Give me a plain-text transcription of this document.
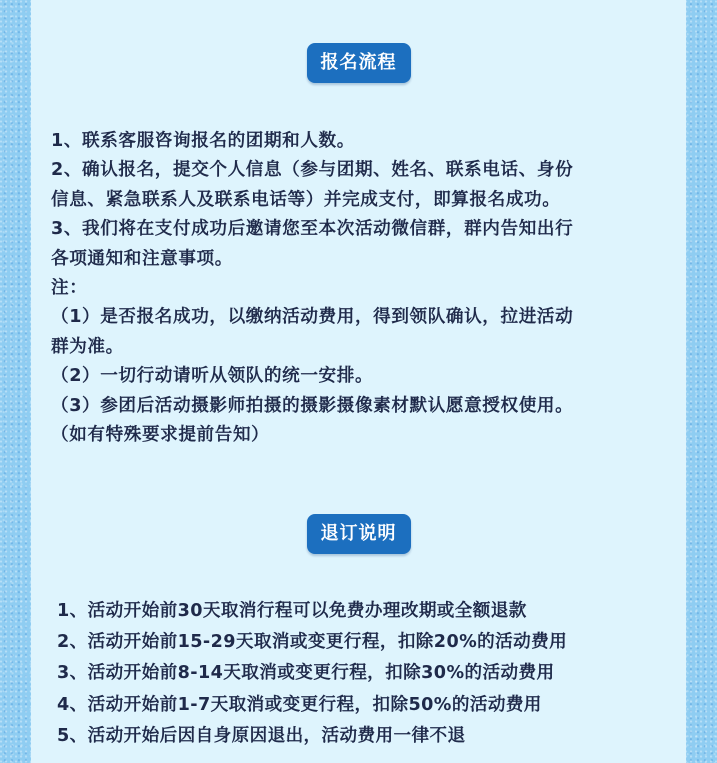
报名流程
1、联系客服咨询报名的团期和人数。
2、确认报名，提交个人信息（参与团期、姓名、联系电话、身份
信息、紧急联系人及联系电话等）并完成支付，即算报名成功。
3、我们将在支付成功后邀请您至本次活动微信群，群内告知出行
各项通知和注意事项。
注：
（1）是否报名成功，以缴纳活动费用，得到领队确认，拉进活动
群为准。
（2）一切行动请听从领队的统一安排。
（3）参团后活动摄影师拍摄的摄影摄像素材默认愿意授权使用。
（如有特殊要求提前告知）
退订说明
1、活动开始前30天取消行程可以免费办理改期或全额退款
2、活动开始前15-29天取消或变更行程，扣除20%的活动费用
3、活动开始前8-14天取消或变更行程，扣除30%的活动费用
4、活动开始前1-7天取消或变更行程，扣除50%的活动费用
5、活动开始后因自身原因退出，活动费用一律不退
